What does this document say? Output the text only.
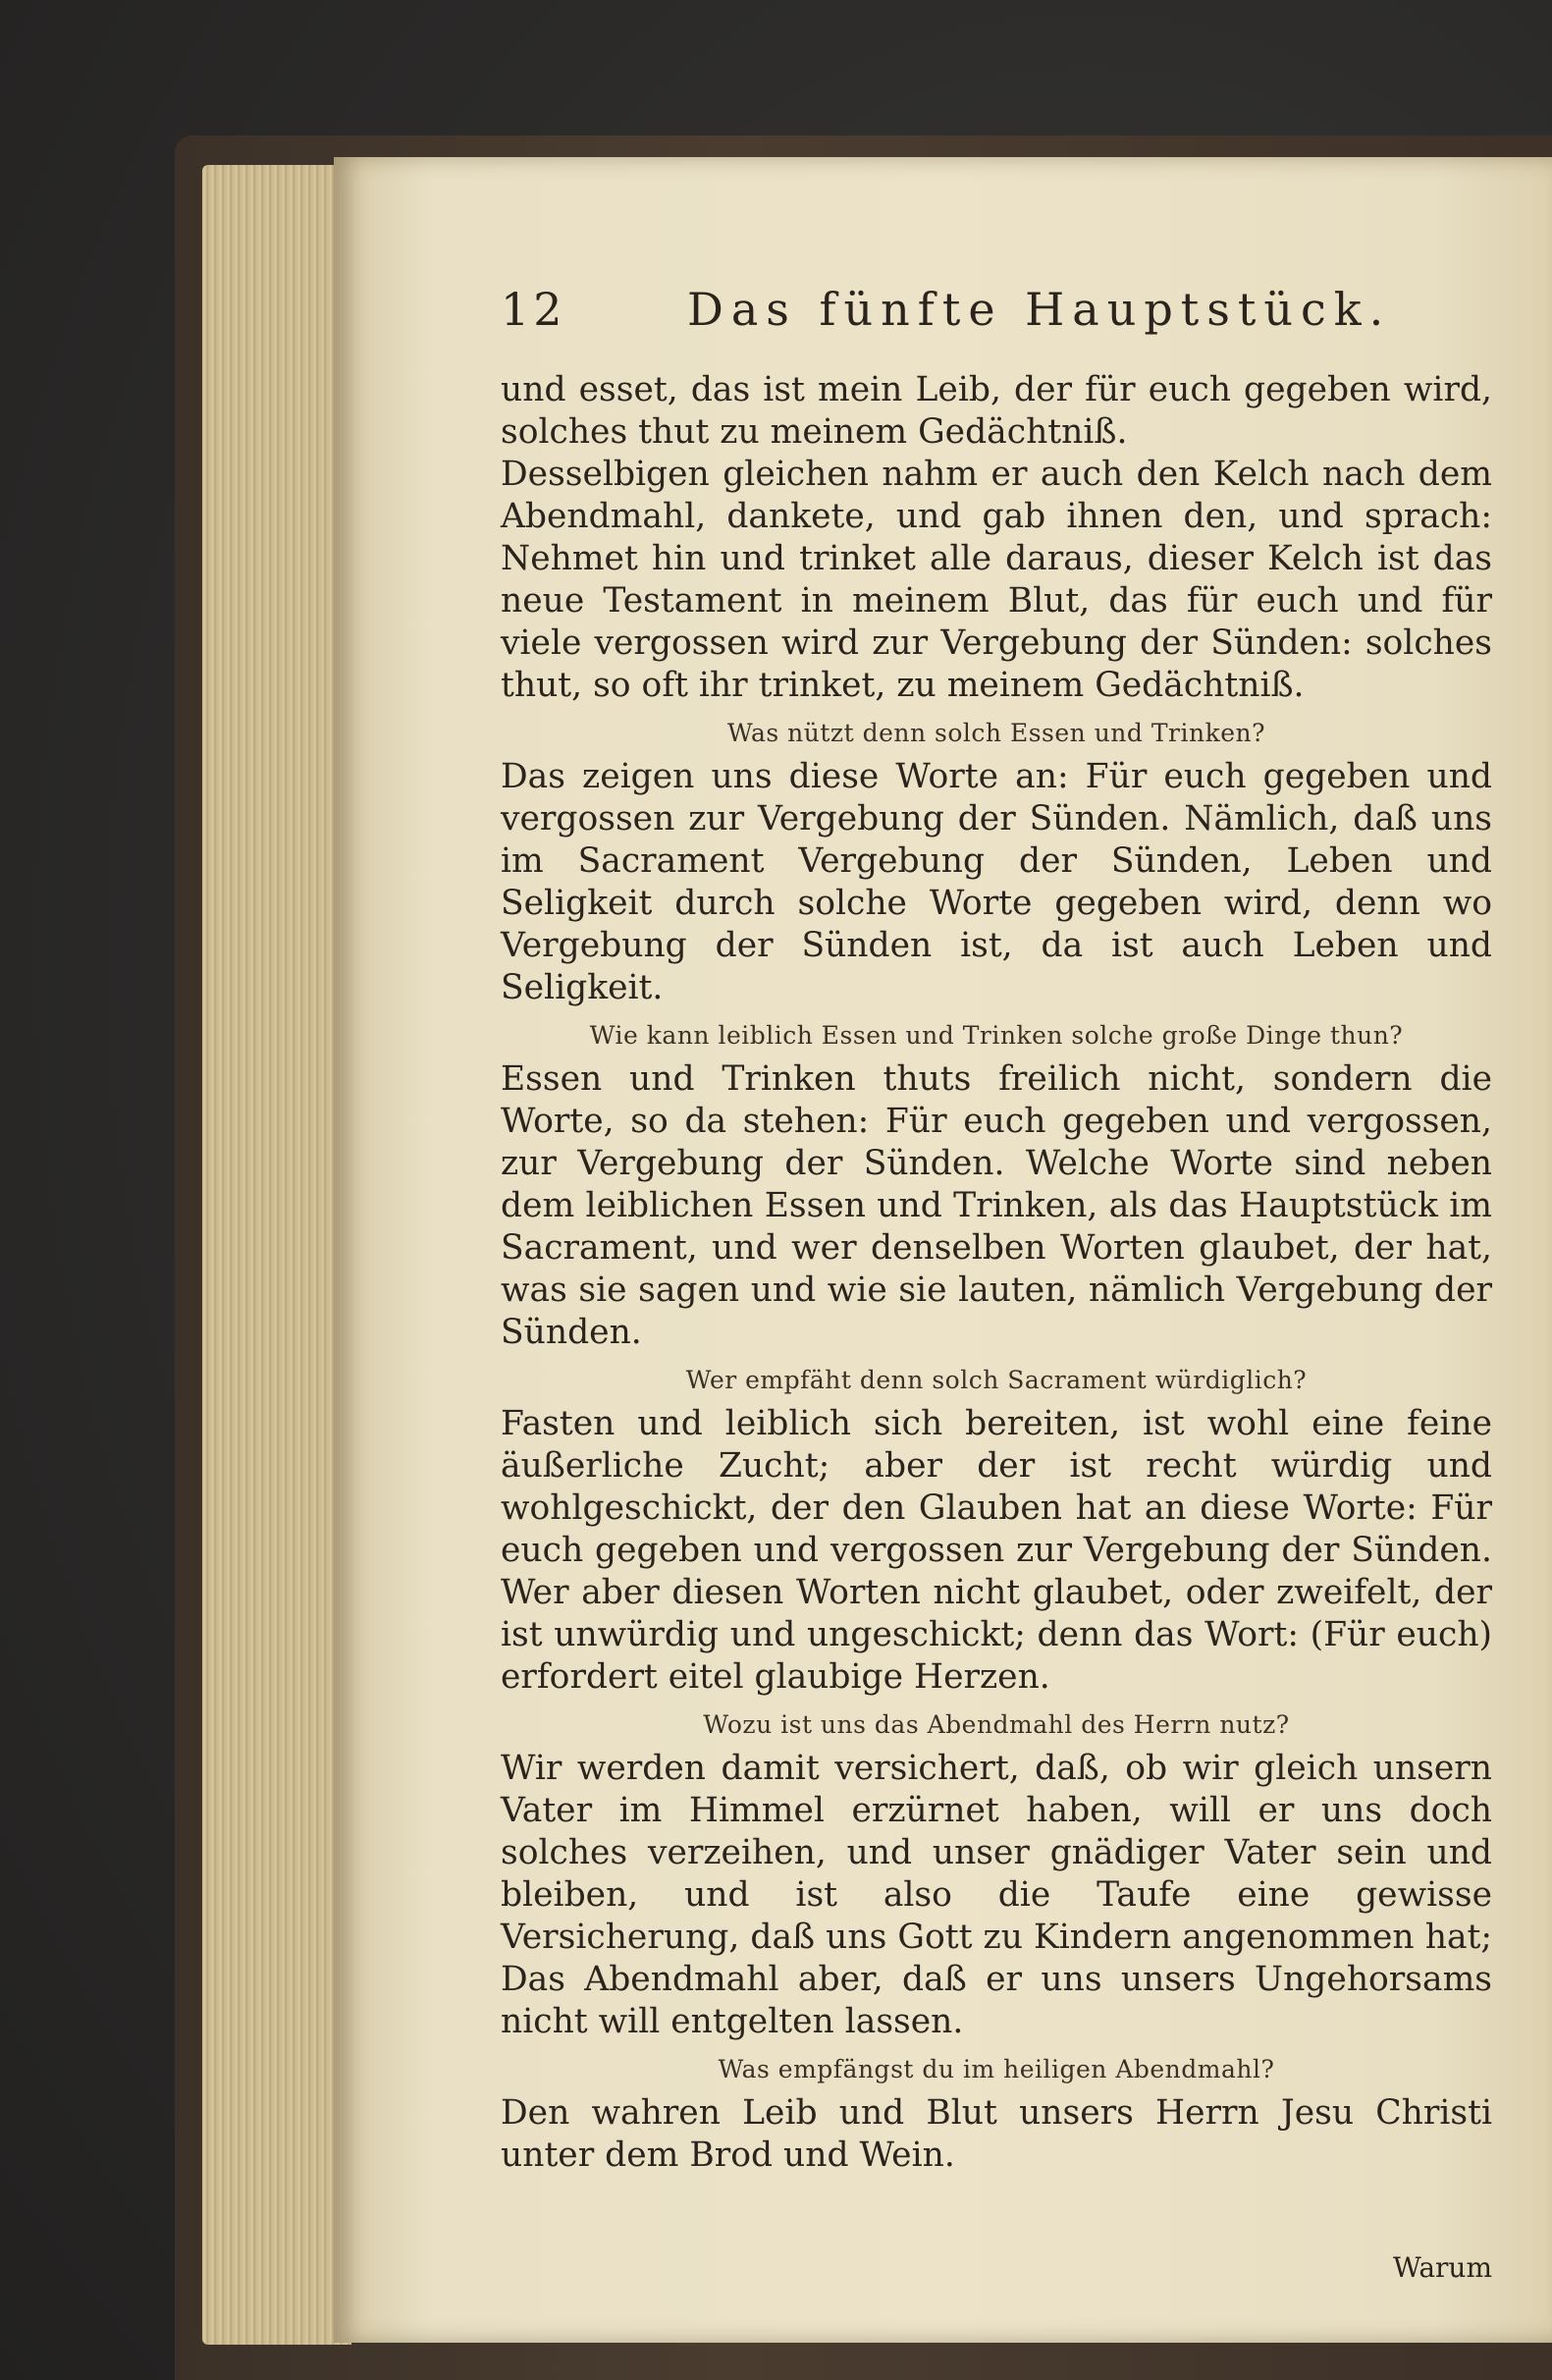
12	Das fünfte Hauptstück.

und esset, das ist mein Leib, der für euch gegeben wird, solches thut zu meinem Gedächtniß.

Desselbigen gleichen nahm er auch den Kelch nach dem Abendmahl, dankete, und gab ihnen den, und sprach: Nehmet hin und trinket alle daraus, dieser Kelch ist das neue Testament in meinem Blut, das für euch und für viele vergossen wird zur Vergebung der Sünden: solches thut, so oft ihr trinket, zu meinem Gedächtniß.

Was nützt denn solch Essen und Trinken?

Das zeigen uns diese Worte an: Für euch gegeben und vergossen zur Vergebung der Sünden. Nämlich, daß uns im Sacrament Vergebung der Sünden, Leben und Seligkeit durch solche Worte gegeben wird, denn wo Vergebung der Sünden ist, da ist auch Leben und Seligkeit.

Wie kann leiblich Essen und Trinken solche große Dinge thun?

Essen und Trinken thuts freilich nicht, sondern die Worte, so da stehen: Für euch gegeben und vergossen, zur Vergebung der Sünden. Welche Worte sind neben dem leiblichen Essen und Trinken, als das Hauptstück im Sacrament, und wer denselben Worten glaubet, der hat, was sie sagen und wie sie lauten, nämlich Vergebung der Sünden.

Wer empfäht denn solch Sacrament würdiglich?

Fasten und leiblich sich bereiten, ist wohl eine feine äußerliche Zucht; aber der ist recht würdig und wohlgeschickt, der den Glauben hat an diese Worte: Für euch gegeben und vergossen zur Vergebung der Sünden. Wer aber diesen Worten nicht glaubet, oder zweifelt, der ist unwürdig und ungeschickt; denn das Wort: (Für euch) erfordert eitel glaubige Herzen.

Wozu ist uns das Abendmahl des Herrn nutz?

Wir werden damit versichert, daß, ob wir gleich unsern Vater im Himmel erzürnet haben, will er uns doch solches verzeihen, und unser gnädiger Vater sein und bleiben, und ist also die Taufe eine gewisse Versicherung, daß uns Gott zu Kindern angenommen hat; Das Abendmahl aber, daß er uns unsers Ungehorsams nicht will entgelten lassen.

Was empfängst du im heiligen Abendmahl?

Den wahren Leib und Blut unsers Herrn Jesu Christi unter dem Brod und Wein.

Warum
